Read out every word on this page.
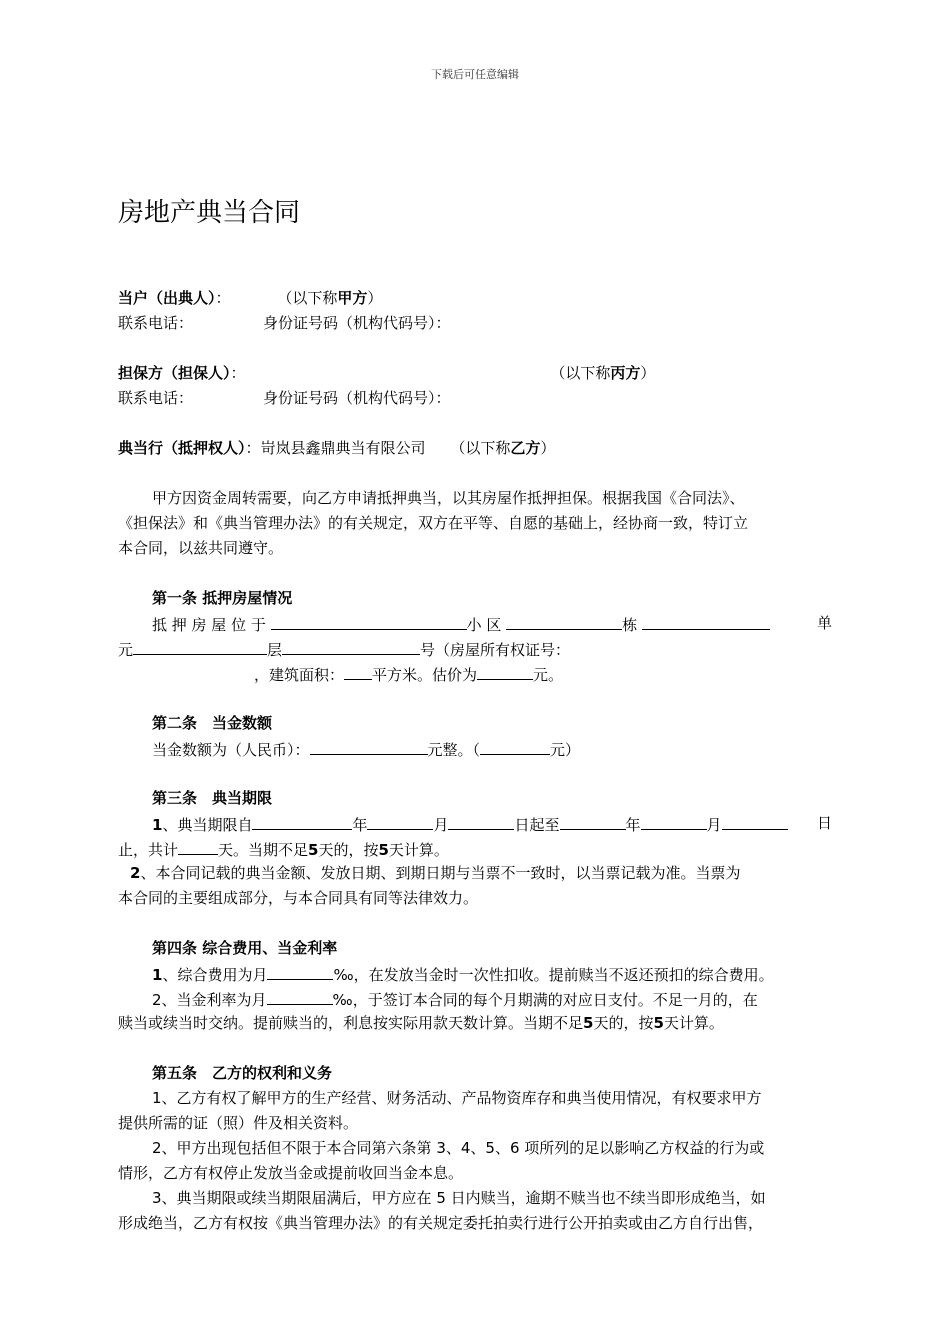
下载后可任意编辑
房地产典当合同
当户（出典人）：	（以下称甲方）
联系电话：	身份证号码（机构代码号）：
担保方（担保人）：	（以下称丙方）
联系电话：	身份证号码（机构代码号）：
典当行（抵押权人）：岢岚县鑫鼎典当有限公司 （以下称乙方）
甲方因资金周转需要，向乙方申请抵押典当，以其房屋作抵押担保。根据我国《合同法》、
《担保法》和《典当管理办法》的有关规定，双方在平等、自愿的基础上，经协商一致，特订立
本合同，以兹共同遵守。
第一条 抵押房屋情况
抵 押 房 屋 位 于	小 区	栋	单
元	层	号（房屋所有权证号：
，建筑面积： 平方米。估价为	元。
第二条　当金数额
当金数额为（人民币）：	元整。（	元）
第三条　典当期限
1、典当期限自	年	月	日起至	年	月	日
止，共计	天。当期不足5天的，按5天计算。
2、本合同记载的典当金额、发放日期、到期日期与当票不一致时，以当票记载为准。当票为
本合同的主要组成部分，与本合同具有同等法律效力。
第四条 综合费用、当金利率
1、综合费用为月	‰，在发放当金时一次性扣收。提前赎当不返还预扣的综合费用。
2、当金利率为月	‰，于签订本合同的每个月期满的对应日支付。不足一月的，在
赎当或续当时交纳。提前赎当的，利息按实际用款天数计算。当期不足5天的，按5天计算。
第五条　乙方的权利和义务
1、乙方有权了解甲方的生产经营、财务活动、产品物资库存和典当使用情况，有权要求甲方
提供所需的证（照）件及相关资料。
2、甲方出现包括但不限于本合同第六条第 3、4、5、6 项所列的足以影响乙方权益的行为或
情形，乙方有权停止发放当金或提前收回当金本息。
3、典当期限或续当期限届满后，甲方应在 5 日内赎当，逾期不赎当也不续当即形成绝当，如
形成绝当，乙方有权按《典当管理办法》的有关规定委托拍卖行进行公开拍卖或由乙方自行出售，
